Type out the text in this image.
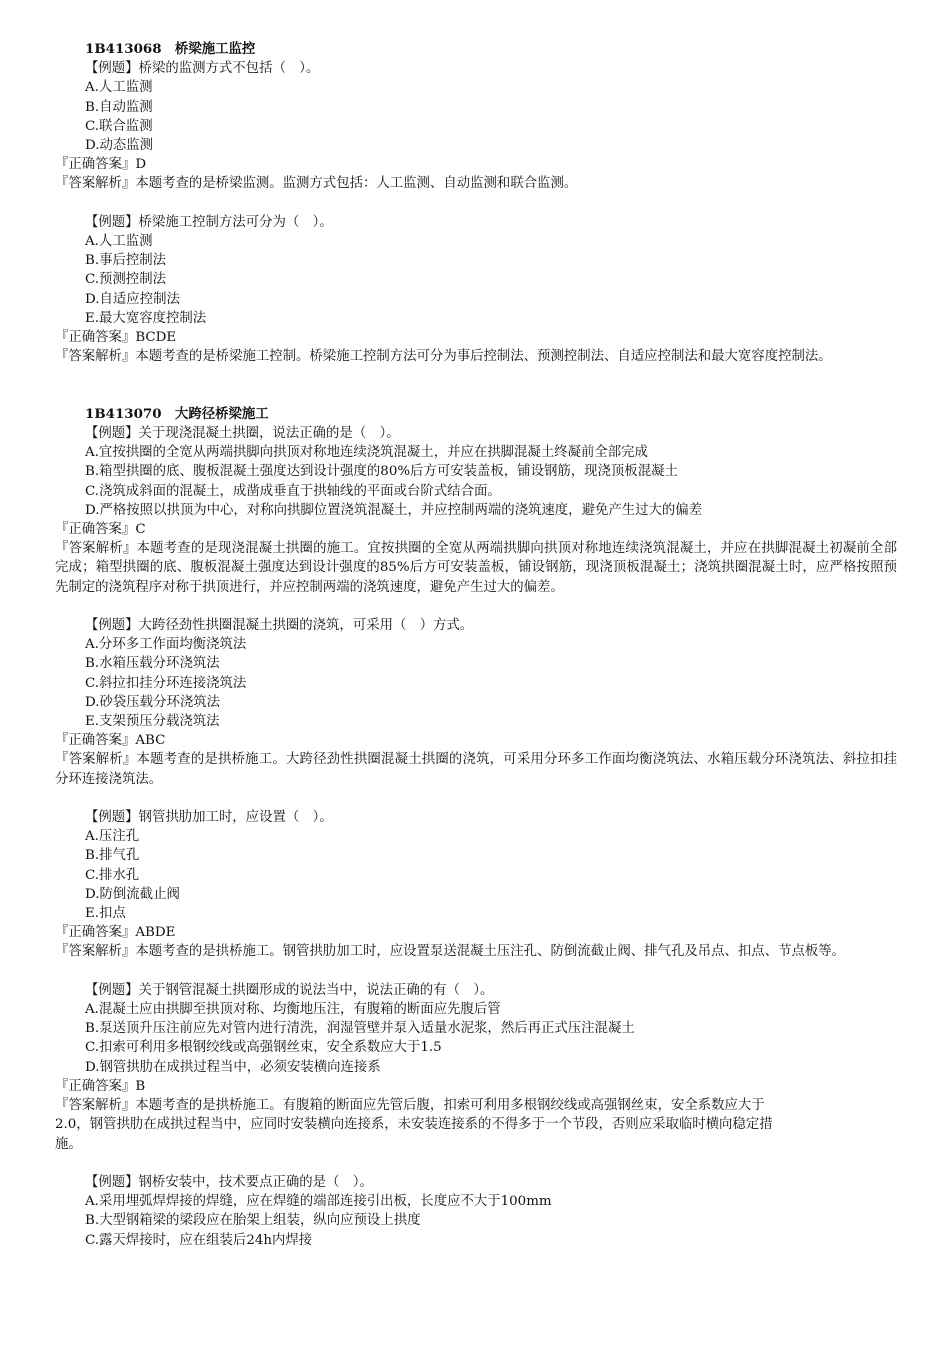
1B413068　桥梁施工监控
【例题】桥梁的监测方式不包括（　）。
A.人工监测
B.自动监测
C.联合监测
D.动态监测
『正确答案』D
『答案解析』本题考查的是桥梁监测。监测方式包括：人工监测、自动监测和联合监测。
【例题】桥梁施工控制方法可分为（　）。
A.人工监测
B.事后控制法
C.预测控制法
D.自适应控制法
E.最大宽容度控制法
『正确答案』BCDE
『答案解析』本题考查的是桥梁施工控制。桥梁施工控制方法可分为事后控制法、预测控制法、自适应控制法和最大宽容度控制法。
1B413070　大跨径桥梁施工
【例题】关于现浇混凝土拱圈，说法正确的是（　）。
A.宜按拱圈的全宽从两端拱脚向拱顶对称地连续浇筑混凝土，并应在拱脚混凝土终凝前全部完成
B.箱型拱圈的底、腹板混凝土强度达到设计强度的80%后方可安装盖板，铺设钢筋，现浇顶板混凝土
C.浇筑成斜面的混凝土，成凿成垂直于拱轴线的平面或台阶式结合面。
D.严格按照以拱顶为中心，对称向拱脚位置浇筑混凝土，并应控制两端的浇筑速度，避免产生过大的偏差
『正确答案』C
『答案解析』本题考查的是现浇混凝土拱圈的施工。宜按拱圈的全宽从两端拱脚向拱顶对称地连续浇筑混凝土，并应在拱脚混凝土初凝前全部完成；箱型拱圈的底、腹板混凝土强度达到设计强度的85%后方可安装盖板，铺设钢筋，现浇顶板混凝土；浇筑拱圈混凝土时，应严格按照预先制定的浇筑程序对称于拱顶进行，并应控制两端的浇筑速度，避免产生过大的偏差。
【例题】大跨径劲性拱圈混凝土拱圈的浇筑，可采用（　）方式。
A.分环多工作面均衡浇筑法
B.水箱压载分环浇筑法
C.斜拉扣挂分环连接浇筑法
D.砂袋压载分环浇筑法
E.支架预压分载浇筑法
『正确答案』ABC
『答案解析』本题考查的是拱桥施工。大跨径劲性拱圈混凝土拱圈的浇筑，可采用分环多工作面均衡浇筑法、水箱压载分环浇筑法、斜拉扣挂分环连接浇筑法。
【例题】钢管拱肋加工时，应设置（　）。
A.压注孔
B.排气孔
C.排水孔
D.防倒流截止阀
E.扣点
『正确答案』ABDE
『答案解析』本题考查的是拱桥施工。钢管拱肋加工时，应设置泵送混凝土压注孔、防倒流截止阀、排气孔及吊点、扣点、节点板等。
【例题】关于钢管混凝土拱圈形成的说法当中，说法正确的有（　）。
A.混凝土应由拱脚至拱顶对称、均衡地压注，有腹箱的断面应先腹后管
B.泵送顶升压注前应先对管内进行清洗，润湿管壁并泵入适量水泥浆，然后再正式压注混凝土
C.扣索可利用多根钢绞线或高强钢丝束，安全系数应大于1.5
D.钢管拱肋在成拱过程当中，必须安装横向连接系
『正确答案』B
『答案解析』本题考查的是拱桥施工。有腹箱的断面应先管后腹，扣索可利用多根钢绞线或高强钢丝束，安全系数应大于
2.0，钢管拱肋在成拱过程当中，应同时安装横向连接系，未安装连接系的不得多于一个节段，否则应采取临时横向稳定措
施。
【例题】钢桥安装中，技术要点正确的是（　）。
A.采用埋弧焊焊接的焊缝，应在焊缝的端部连接引出板，长度应不大于100mm
B.大型钢箱梁的梁段应在胎架上组装，纵向应预设上拱度
C.露天焊接时，应在组装后24h内焊接
